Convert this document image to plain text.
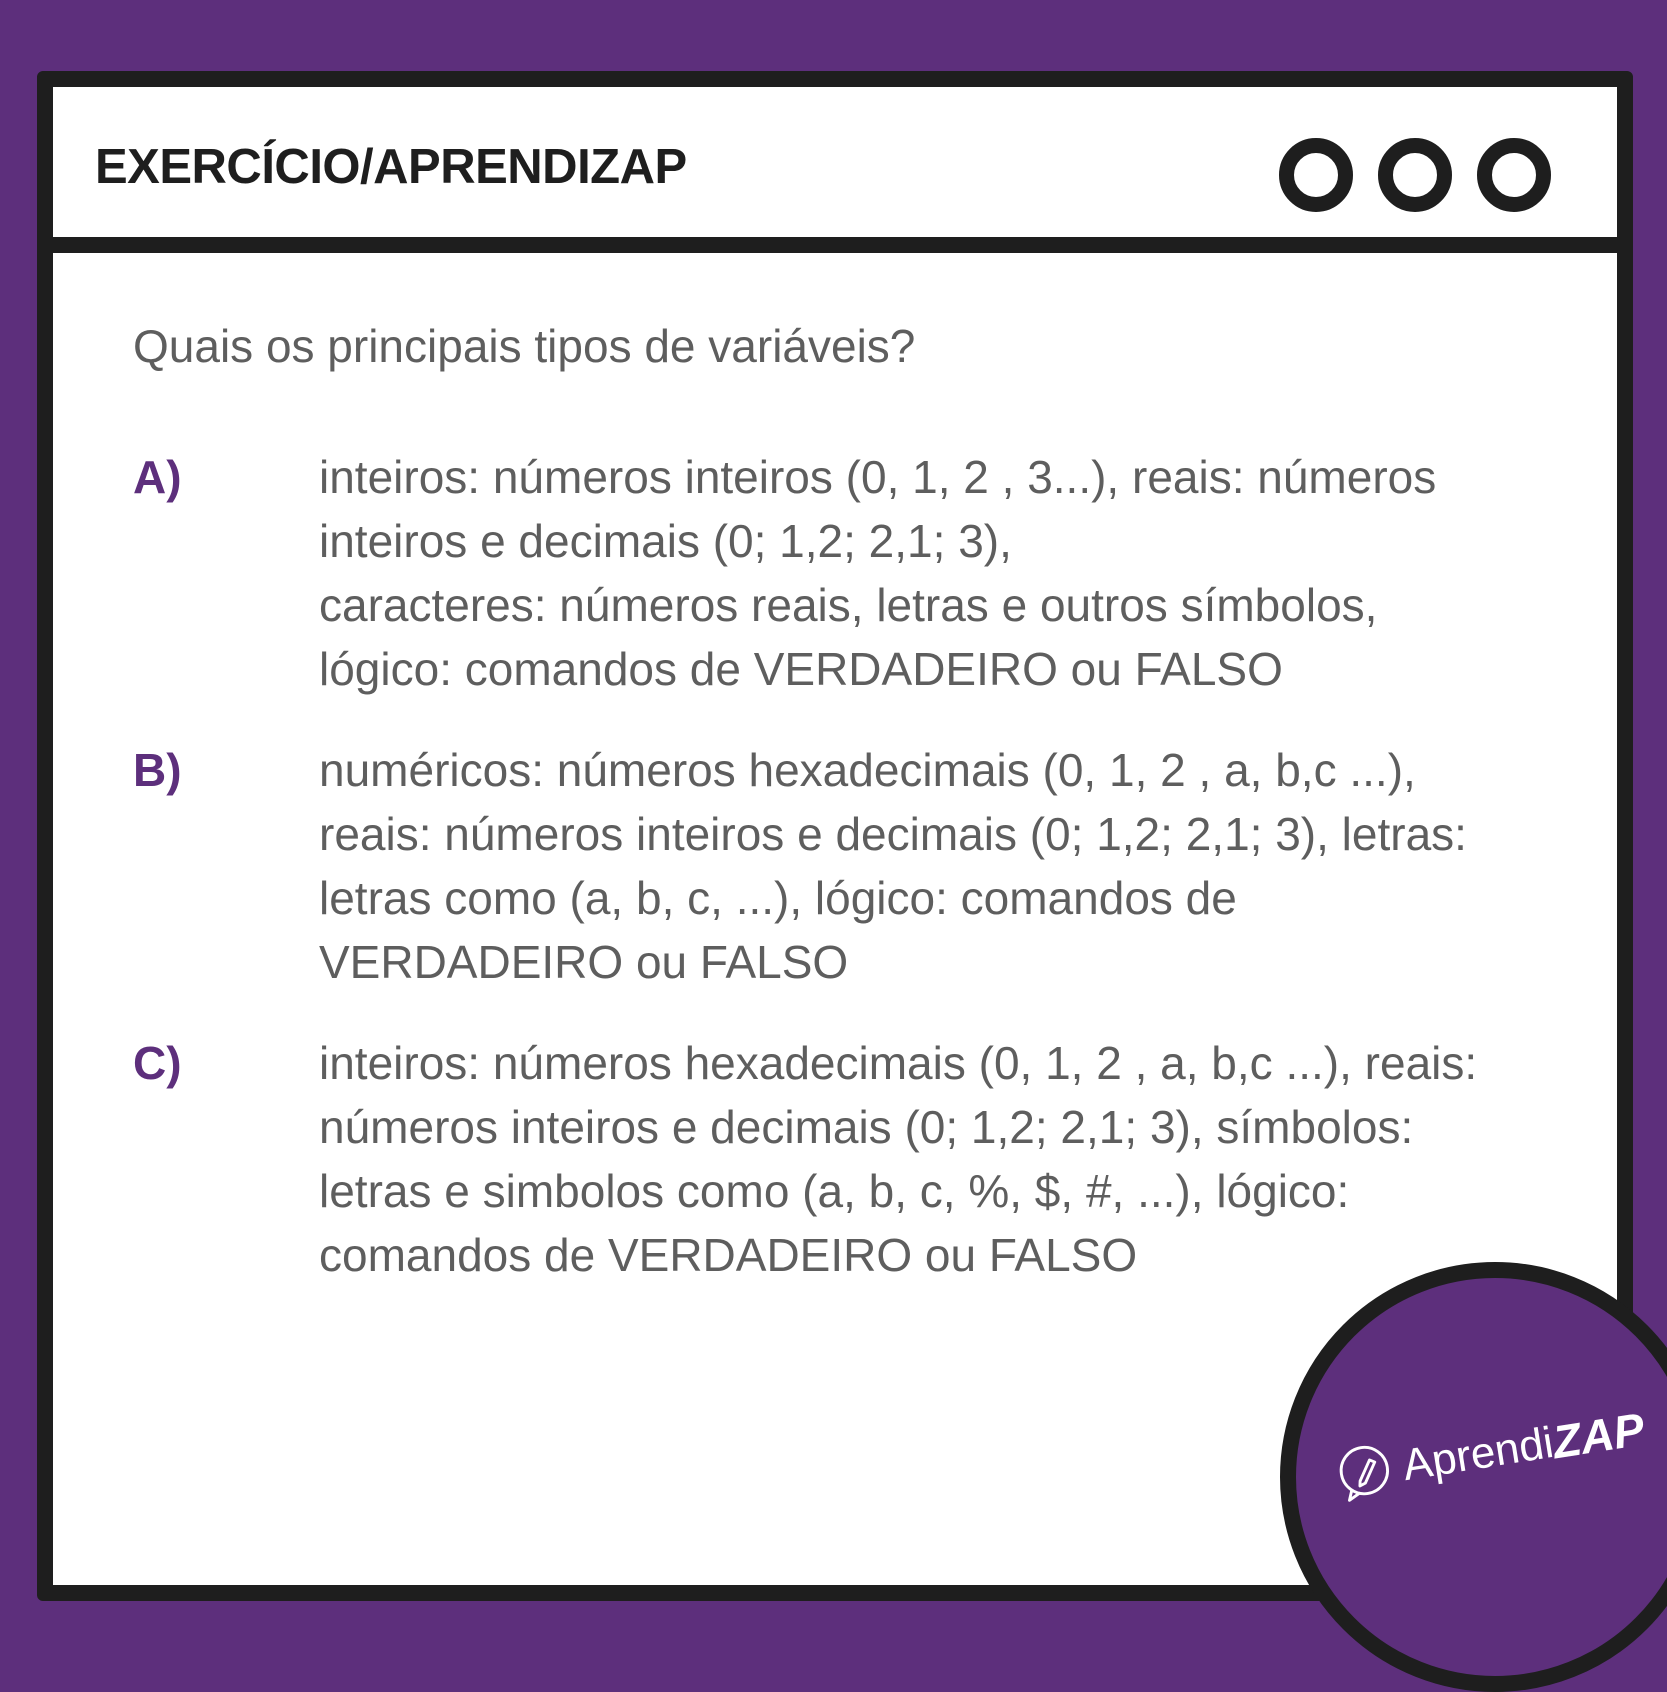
EXERCÍCIO/APRENDIZAP
Quais os principais tipos de variáveis?
A)	inteiros: números inteiros (0, 1, 2 , 3...), reais: números
inteiros e decimais (0; 1,2; 2,1; 3),
caracteres: números reais, letras e outros símbolos,
lógico: comandos de VERDADEIRO ou FALSO
B)	numéricos: números hexadecimais (0, 1, 2 , a, b,c ...),
reais: números inteiros e decimais (0; 1,2; 2,1; 3), letras:
letras como (a, b, c, ...), lógico: comandos de
VERDADEIRO ou FALSO
C)	inteiros: números hexadecimais (0, 1, 2 , a, b,c ...), reais:
números inteiros e decimais (0; 1,2; 2,1; 3), símbolos:
letras e simbolos como (a, b, c, %, $, #, ...), lógico:
comandos de VERDADEIRO ou FALSO
Aprendi
ZAP
